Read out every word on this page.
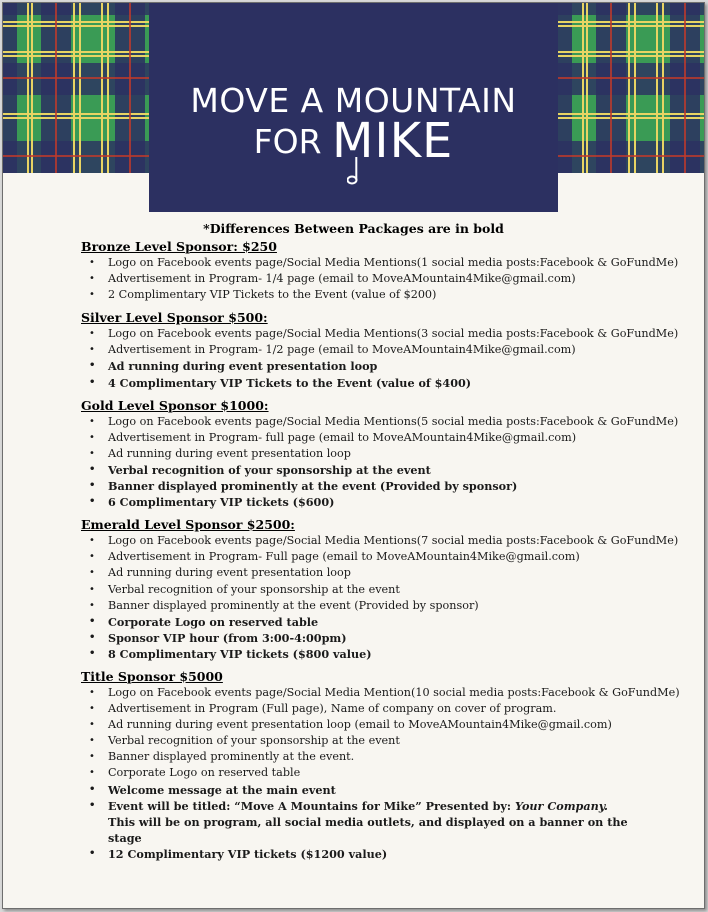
MOVE A MOUNTAIN
FOR MIKE
*Differences Between Packages are in bold
Bronze Level Sponsor: $250
• Logo on Facebook events page/Social Media Mentions(1 social media posts:Facebook & GoFundMe)
• Advertisement in Program- 1/4 page (email to MoveAMountain4Mike@gmail.com)
• 2 Complimentary VIP Tickets to the Event (value of $200)
Silver Level Sponsor $500:
• Logo on Facebook events page/Social Media Mentions(3 social media posts:Facebook & GoFundMe)
• Advertisement in Program- 1/2 page (email to MoveAMountain4Mike@gmail.com)
• Ad running during event presentation loop
• 4 Complimentary VIP Tickets to the Event (value of $400)
Gold Level Sponsor $1000:
• Logo on Facebook events page/Social Media Mentions(5 social media posts:Facebook & GoFundMe)
• Advertisement in Program- full page (email to MoveAMountain4Mike@gmail.com)
• Ad running during event presentation loop
• Verbal recognition of your sponsorship at the event
• Banner displayed prominently at the event (Provided by sponsor)
• 6 Complimentary VIP tickets ($600)
Emerald Level Sponsor $2500:
• Logo on Facebook events page/Social Media Mentions(7 social media posts:Facebook & GoFundMe)
• Advertisement in Program- Full page (email to MoveAMountain4Mike@gmail.com)
• Ad running during event presentation loop
• Verbal recognition of your sponsorship at the event
• Banner displayed prominently at the event (Provided by sponsor)
• Corporate Logo on reserved table
• Sponsor VIP hour (from 3:00-4:00pm)
• 8 Complimentary VIP tickets ($800 value)
Title Sponsor $5000
• Logo on Facebook events page/Social Media Mention(10 social media posts:Facebook & GoFundMe)
• Advertisement in Program (Full page), Name of company on cover of program.
• Ad running during event presentation loop (email to MoveAMountain4Mike@gmail.com)
• Verbal recognition of your sponsorship at the event
• Banner displayed prominently at the event.
• Corporate Logo on reserved table
• Welcome message at the main event
• Event will be titled: “Move A Mountains for Mike” Presented by: Your Company. This will be on program, all social media outlets, and displayed on a banner on the stage
• 12 Complimentary VIP tickets ($1200 value)
